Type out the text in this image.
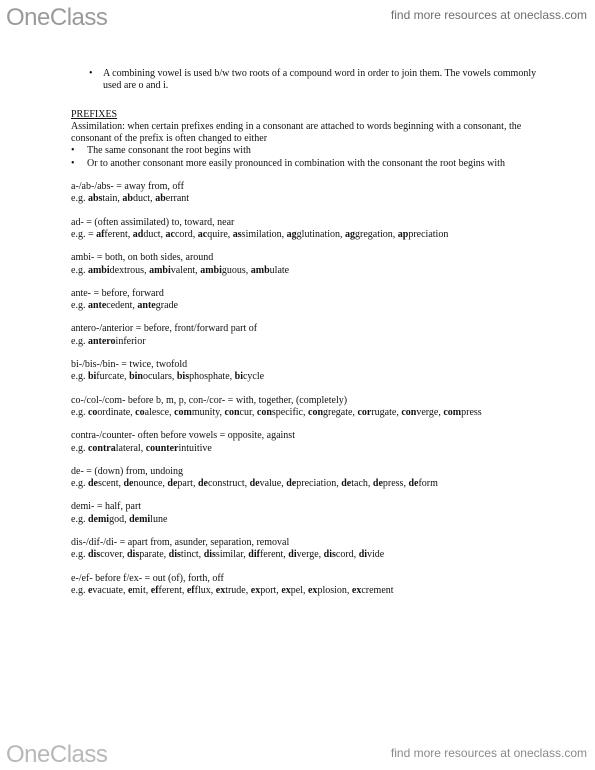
OneClass	find more resources at oneclass.com
•	A combining vowel is used b/w two roots of a compound word in order to join them. The vowels commonly used are o and i.
PREFIXES
Assimilation: when certain prefixes ending in a consonant are attached to words beginning with a consonant, the consonant of the prefix is often changed to either
•	The same consonant the root begins with
•	Or to another consonant more easily pronounced in combination with the consonant the root begins with
a-/ab-/abs- = away from, off
e.g. abstain, abduct, aberrant
ad- = (often assimilated) to, toward, near
e.g. = afferent, adduct, accord, acquire, assimilation, agglutination, aggregation, appreciation
ambi- = both, on both sides, around
e.g. ambidextrous, ambivalent, ambiguous, ambulate
ante- = before, forward
e.g. antecedent, antegrade
antero-/anterior = before, front/forward part of
e.g. anteroinferior
bi-/bis-/bin- = twice, twofold
e.g. bifurcate, binoculars, bisphosphate, bicycle
co-/col-/com- before b, m, p, con-/cor- = with, together, (completely)
e.g. coordinate, coalesce, community, concur, conspecific, congregate, corrugate, converge, compress
contra-/counter- often before vowels = opposite, against
e.g. contralateral, counterintuitive
de- = (down) from, undoing
e.g. descent, denounce, depart, deconstruct, devalue, depreciation, detach, depress, deform
demi- = half, part
e.g. demigod, demilune
dis-/dif-/di- = apart from, asunder, separation, removal
e.g. discover, disparate, distinct, dissimilar, different, diverge, discord, divide
e-/ef- before f/ex- = out (of), forth, off
e.g. evacuate, emit, efferent, efflux, extrude, export, expel, explosion, excrement
OneClass	find more resources at oneclass.com
